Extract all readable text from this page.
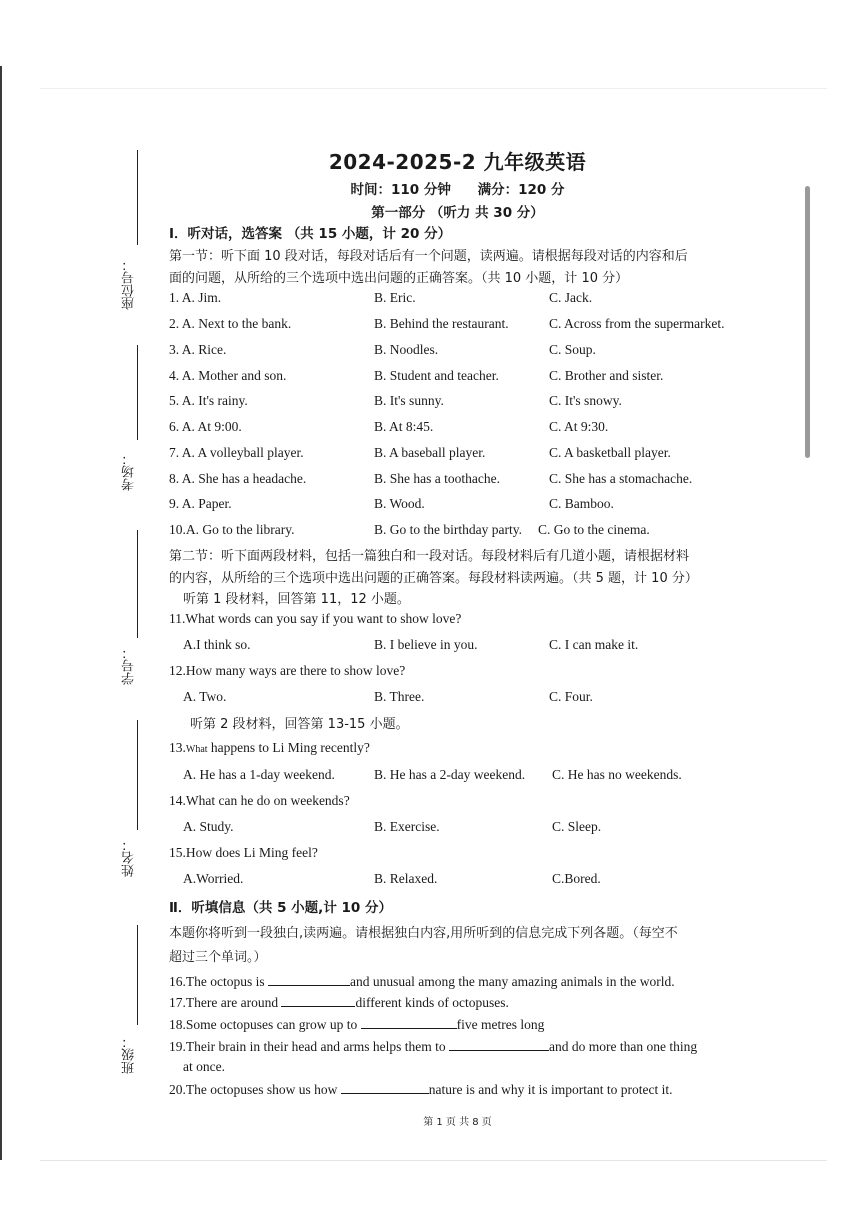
座位号：
考场：
学号：
姓名：
班级：
2024-2025-2 九年级英语
时间：110 分钟 满分：120 分
第一部分 （听力 共 30 分）
Ⅰ．听对话，选答案 （共 15 小题，计 20 分）
第一节：听下面 10 段对话，每段对话后有一个问题，读两遍。请根据每段对话的内容和后
面的问题，从所给的三个选项中选出问题的正确答案。（共 10 小题，计 10 分）
1. A. Jim.	B. Eric.	C. Jack.
2. A. Next to the bank.	B. Behind the restaurant.	C. Across from the supermarket.
3. A. Rice.	B. Noodles.	C. Soup.
4. A. Mother and son.	B. Student and teacher.	C. Brother and sister.
5. A. It's rainy.	B. It's sunny.	C. It's snowy.
6. A. At 9:00.	B. At 8:45.	C. At 9:30.
7. A. A volleyball player.	B. A baseball player.	C. A basketball player.
8. A. She has a headache.	B. She has a toothache.	C. She has a stomachache.
9. A. Paper.	B. Wood.	C. Bamboo.
10.A. Go to the library.	B. Go to the birthday party. C. Go to the cinema.
第二节：听下面两段材料，包括一篇独白和一段对话。每段材料后有几道小题，请根据材料
的内容，从所给的三个选项中选出问题的正确答案。每段材料读两遍。（共 5 题，计 10 分）
听第 1 段材料，回答第 11，12 小题。
11.What words can you say if you want to show love?
A.I think so.	B. I believe in you.	C. I can make it.
12.How many ways are there to show love?
A. Two.	B. Three.	C. Four.
听第 2 段材料，回答第 13-15 小题。
13.What happens to Li Ming recently?
A. He has a 1-day weekend.	B. He has a 2-day weekend. C. He has no weekends.
14.What can he do on weekends?
A. Study.	B. Exercise.	C. Sleep.
15.How does Li Ming feel?
A.Worried.	B. Relaxed.	C.Bored.
Ⅱ．听填信息（共 5 小题,计 10 分）
本题你将听到一段独白,读两遍。请根据独白内容,用所听到的信息完成下列各题。（每空不
超过三个单词。）
16.The octopus is	and unusual among the many amazing animals in the world.
17.There are around	different kinds of octopuses.
18.Some octopuses can grow up to	five metres long
19.Their brain in their head and arms helps them to	and do more than one thing
at once.
20.The octopuses show us how	nature is and why it is important to protect it.
第 1 页 共 8 页
